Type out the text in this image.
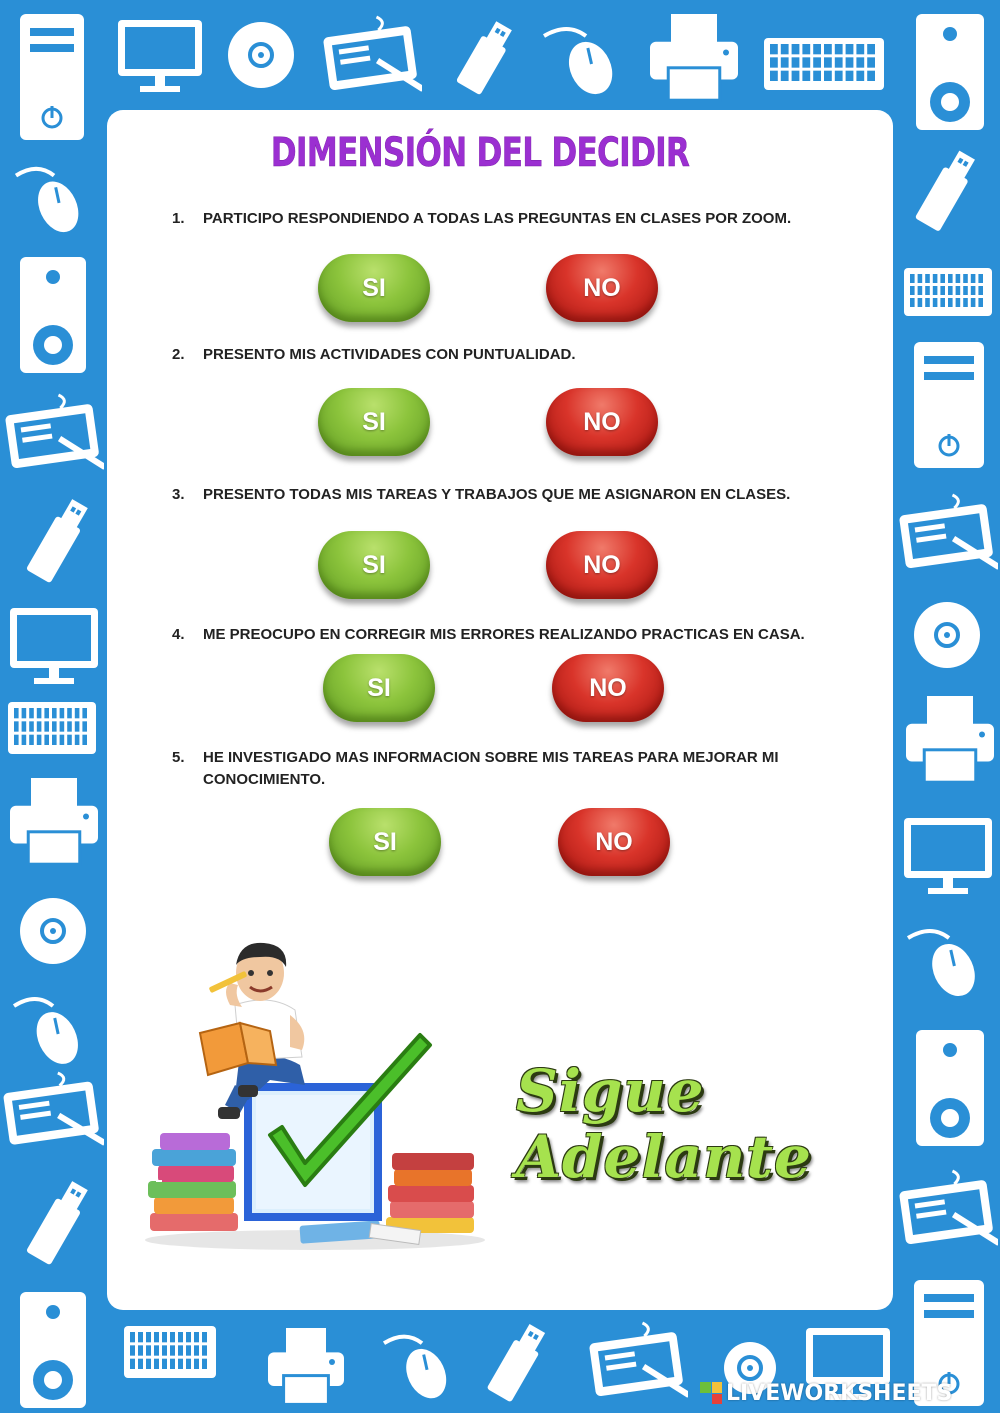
DIMENSIÓN DEL DECIDIR
1.	PARTICIPO RESPONDIENDO A TODAS LAS PREGUNTAS EN CLASES POR ZOOM.
SI	NO
2.	PRESENTO MIS ACTIVIDADES CON PUNTUALIDAD.
SI	NO
3.	PRESENTO TODAS MIS TAREAS Y TRABAJOS QUE ME ASIGNARON EN CLASES.
SI	NO
4.	ME PREOCUPO EN CORREGIR MIS ERRORES REALIZANDO PRACTICAS EN CASA.
SI	NO
5.	HE INVESTIGADO MAS INFORMACION SOBRE MIS TAREAS PARA MEJORAR MI CONOCIMIENTO.
SI	NO
Sigue
Adelante
LIVEWORKSHEETS
